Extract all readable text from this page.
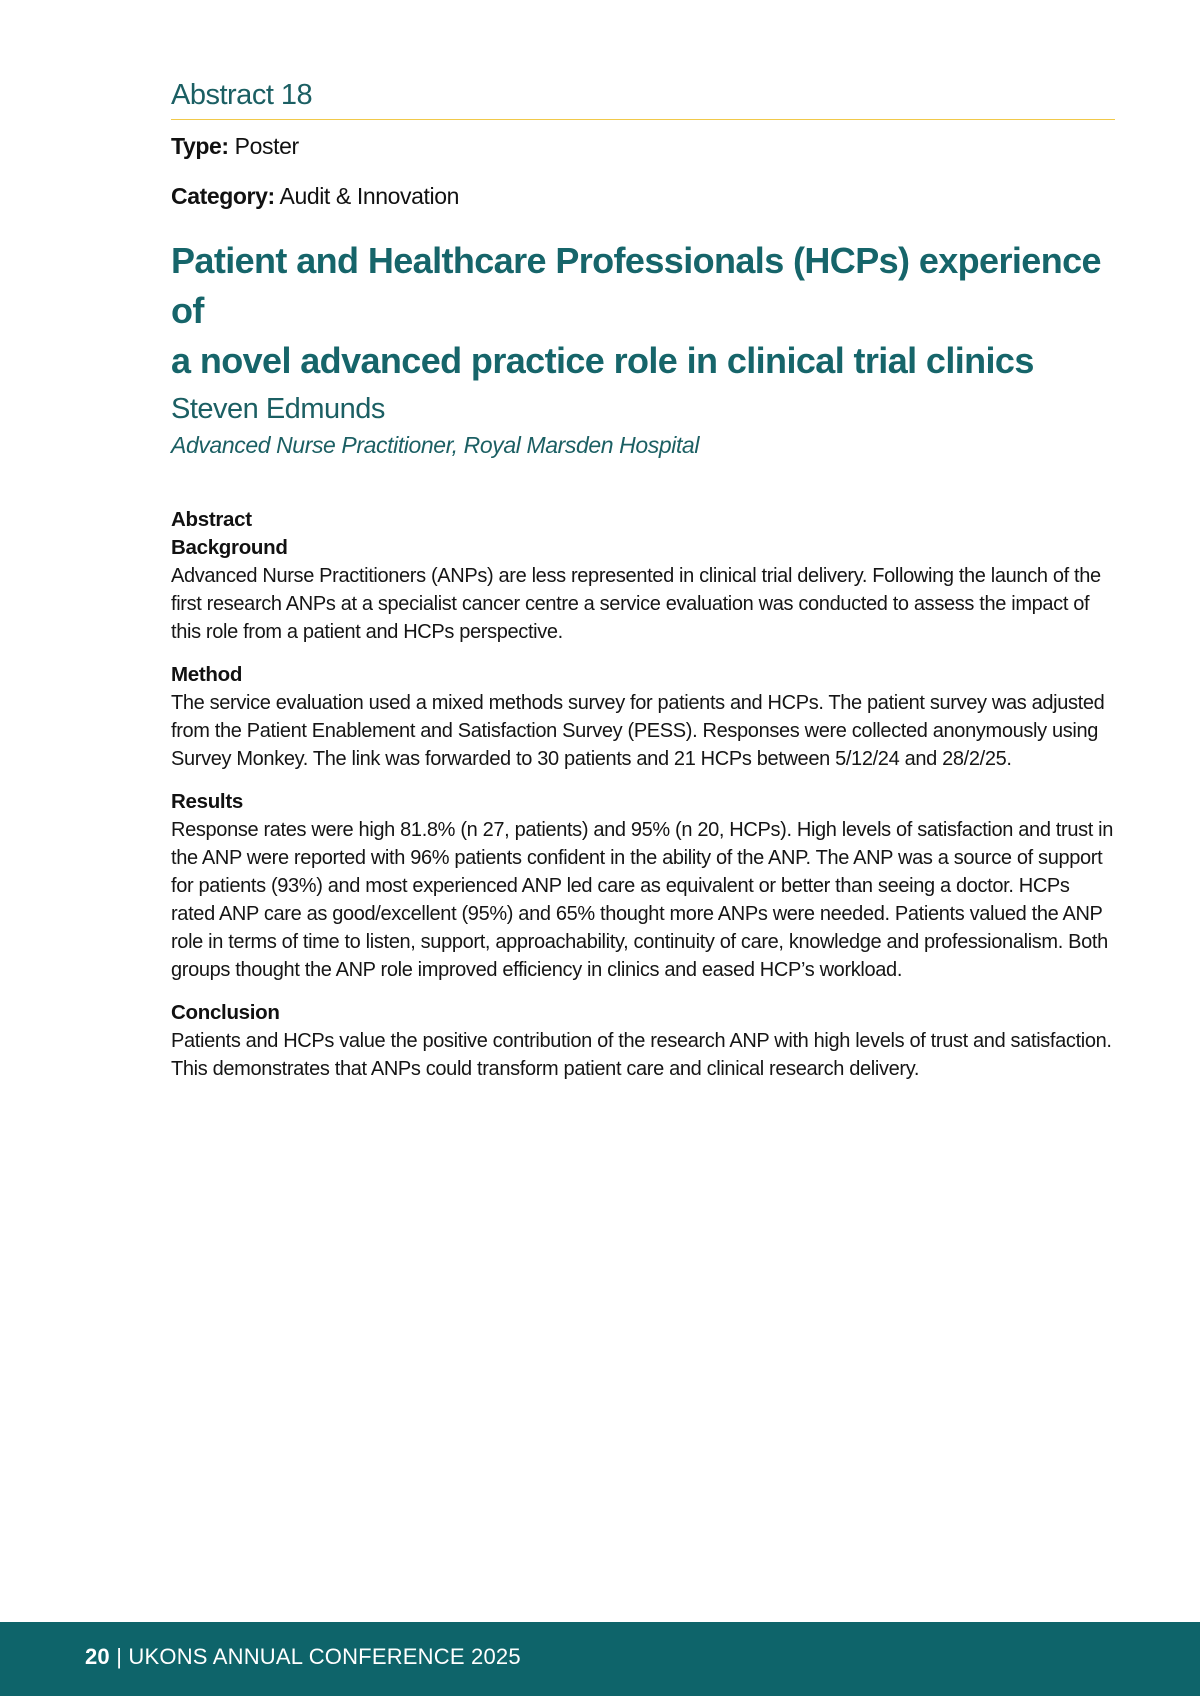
Abstract 18
Type: Poster
Category: Audit & Innovation
Patient and Healthcare Professionals (HCPs) experience of
a novel advanced practice role in clinical trial clinics
Steven Edmunds
Advanced Nurse Practitioner, Royal Marsden Hospital

Abstract

Background

Advanced Nurse Practitioners (ANPs) are less represented in clinical trial delivery. Following the launch of the first research ANPs at a specialist cancer centre a service evaluation was conducted to assess the impact of this role from a patient and HCPs perspective.

Method

The service evaluation used a mixed methods survey for patients and HCPs. The patient survey was adjusted from the Patient Enablement and Satisfaction Survey (PESS). Responses were collected anonymously using Survey Monkey. The link was forwarded to 30 patients and 21 HCPs between 5/12/24 and 28/2/25.

Results

Response rates were high 81.8% (n 27, patients) and 95% (n 20, HCPs). High levels of satisfaction and trust in the ANP were reported with 96% patients confident in the ability of the ANP. The ANP was a source of support for patients (93%) and most experienced ANP led care as equivalent or better than seeing a doctor. HCPs rated ANP care as good/excellent (95%) and 65% thought more ANPs were needed. Patients valued the ANP role in terms of time to listen, support, approachability, continuity of care, knowledge and professionalism. Both groups thought the ANP role improved efficiency in clinics and eased HCP’s workload.

Conclusion

Patients and HCPs value the positive contribution of the research ANP with high levels of trust and satisfaction. This demonstrates that ANPs could transform patient care and clinical research delivery.

20 | UKONS ANNUAL CONFERENCE 2025
